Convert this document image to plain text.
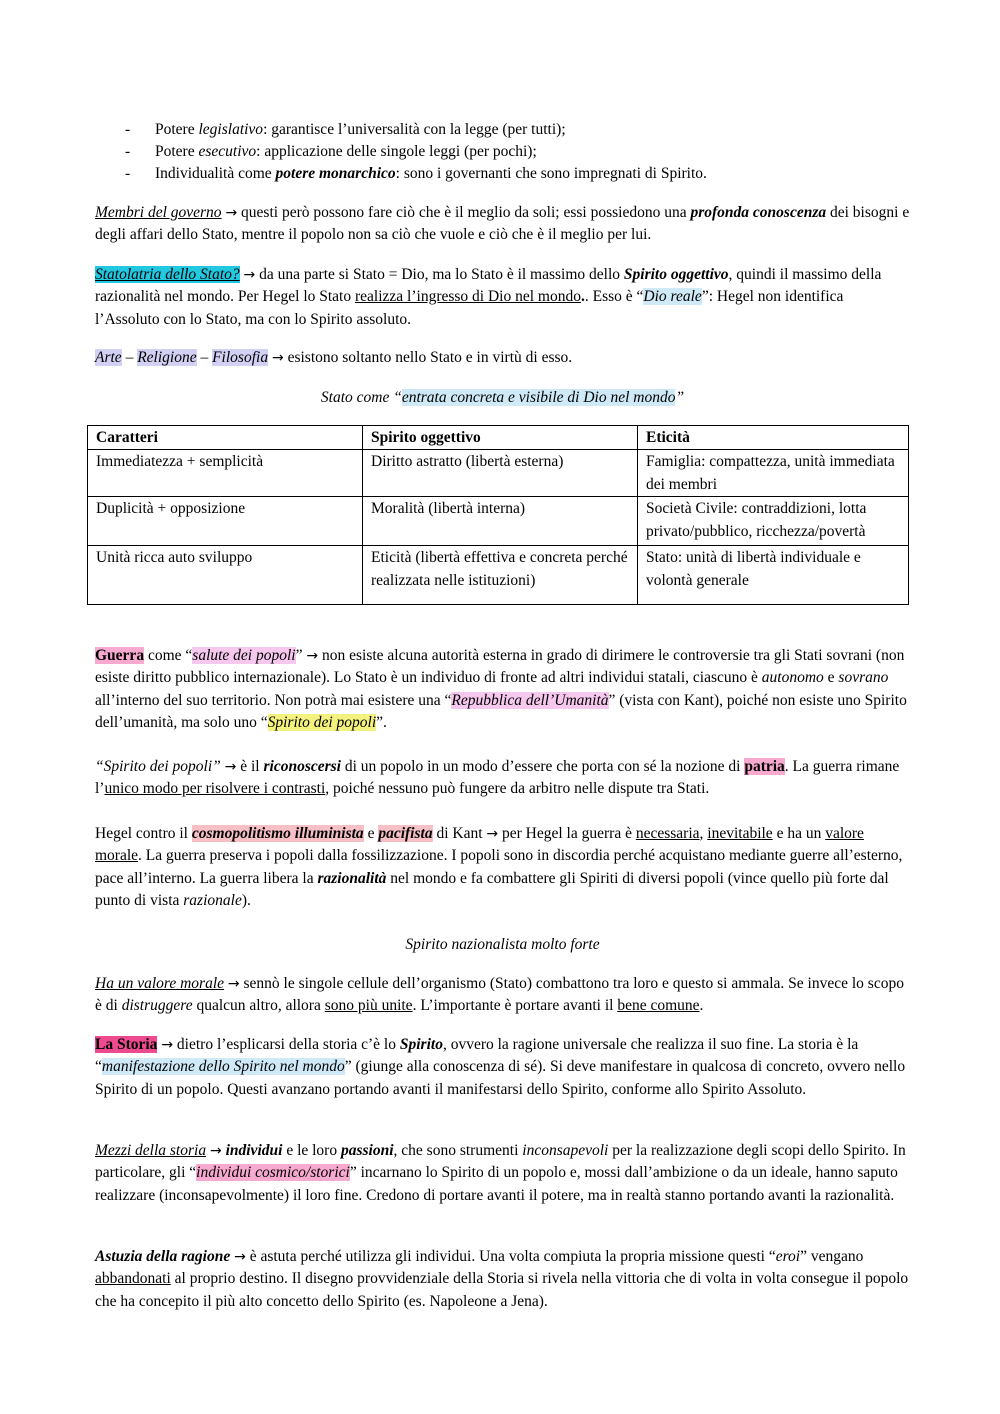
- Potere legislativo: garantisce l’universalità con la legge (per tutti);
- Potere esecutivo: applicazione delle singole leggi (per pochi);
- Individualità come potere monarchico: sono i governanti che sono impregnati di Spirito.

Membri del governo → questi però possono fare ciò che è il meglio da soli; essi possiedono una profonda conoscenza dei bisogni e degli affari dello Stato, mentre il popolo non sa ciò che vuole e ciò che è il meglio per lui.

Statolatria dello Stato? → da una parte si Stato = Dio, ma lo Stato è il massimo dello Spirito oggettivo, quindi il massimo della razionalità nel mondo. Per Hegel lo Stato realizza l’ingresso di Dio nel mondo.. Esso è “Dio reale”: Hegel non identifica l’Assoluto con lo Stato, ma con lo Spirito assoluto.

Arte – Religione – Filosofia → esistono soltanto nello Stato e in virtù di esso.

Stato come “entrata concreta e visibile di Dio nel mondo”
Caratteri	Spirito oggettivo	Eticità
Immediatezza + semplicità	Diritto astratto (libertà esterna)	Famiglia: compattezza, unità immediata dei membri
Duplicità + opposizione	Moralità (libertà interna)	Società Civile: contraddizioni, lotta privato/pubblico, ricchezza/povertà
Unità ricca auto sviluppo	Eticità (libertà effettiva e concreta perché realizzata nelle istituzioni)	Stato: unità di libertà individuale e volontà generale

Guerra come “salute dei popoli” → non esiste alcuna autorità esterna in grado di dirimere le controversie tra gli Stati sovrani (non esiste diritto pubblico internazionale). Lo Stato è un individuo di fronte ad altri individui statali, ciascuno è autonomo e sovrano all’interno del suo territorio. Non potrà mai esistere una “Repubblica dell’Umanità” (vista con Kant), poiché non esiste uno Spirito dell’umanità, ma solo uno “Spirito dei popoli”.

“Spirito dei popoli” → è il riconoscersi di un popolo in un modo d’essere che porta con sé la nozione di patria. La guerra rimane l’unico modo per risolvere i contrasti, poiché nessuno può fungere da arbitro nelle dispute tra Stati.

Hegel contro il cosmopolitismo illuminista e pacifista di Kant → per Hegel la guerra è necessaria, inevitabile e ha un valore morale. La guerra preserva i popoli dalla fossilizzazione. I popoli sono in discordia perché acquistano mediante guerre all’esterno, pace all’interno. La guerra libera la razionalità nel mondo e fa combattere gli Spiriti di diversi popoli (vince quello più forte dal punto di vista razionale).

Spirito nazionalista molto forte

Ha un valore morale → sennò le singole cellule dell’organismo (Stato) combattono tra loro e questo si ammala. Se invece lo scopo è di distruggere qualcun altro, allora sono più unite. L’importante è portare avanti il bene comune.

La Storia → dietro l’esplicarsi della storia c’è lo Spirito, ovvero la ragione universale che realizza il suo fine. La storia è la “manifestazione dello Spirito nel mondo” (giunge alla conoscenza di sé). Si deve manifestare in qualcosa di concreto, ovvero nello Spirito di un popolo. Questi avanzano portando avanti il manifestarsi dello Spirito, conforme allo Spirito Assoluto.

Mezzi della storia → individui e le loro passioni, che sono strumenti inconsapevoli per la realizzazione degli scopi dello Spirito. In particolare, gli “individui cosmico/storici” incarnano lo Spirito di un popolo e, mossi dall’ambizione o da un ideale, hanno saputo realizzare (inconsapevolmente) il loro fine. Credono di portare avanti il potere, ma in realtà stanno portando avanti la razionalità.

Astuzia della ragione → è astuta perché utilizza gli individui. Una volta compiuta la propria missione questi “eroi” vengano abbandonati al proprio destino. Il disegno provvidenziale della Storia si rivela nella vittoria che di volta in volta consegue il popolo che ha concepito il più alto concetto dello Spirito (es. Napoleone a Jena).
